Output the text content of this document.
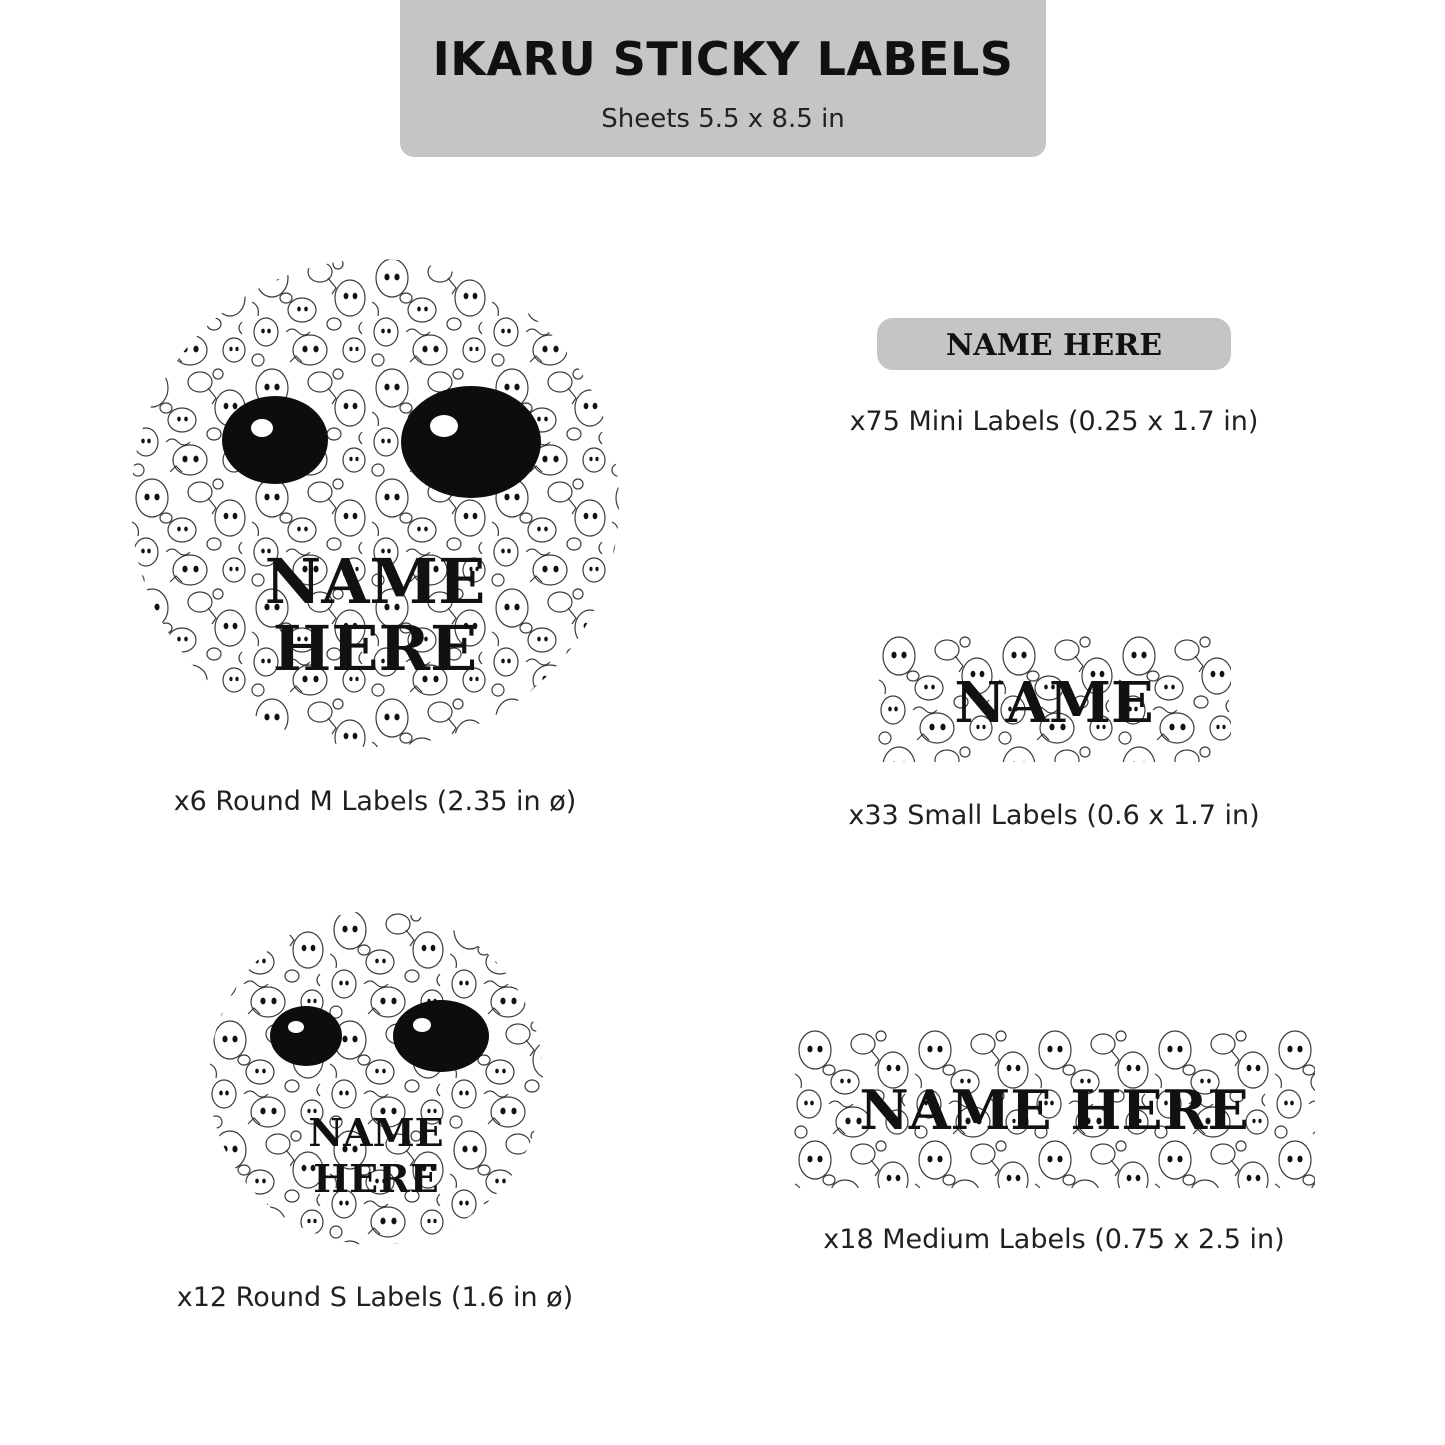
IKARU STICKY LABELS
Sheets 5.5 x 8.5 in
NAME
HERE
x6 Round M Labels (2.35 in ø)
NAME
HERE
x12 Round S Labels (1.6 in ø)
NAME HERE
x75 Mini Labels (0.25 x 1.7 in)
NAME
x33 Small Labels (0.6 x 1.7 in)
NAME HERE
x18 Medium Labels (0.75 x 2.5 in)
